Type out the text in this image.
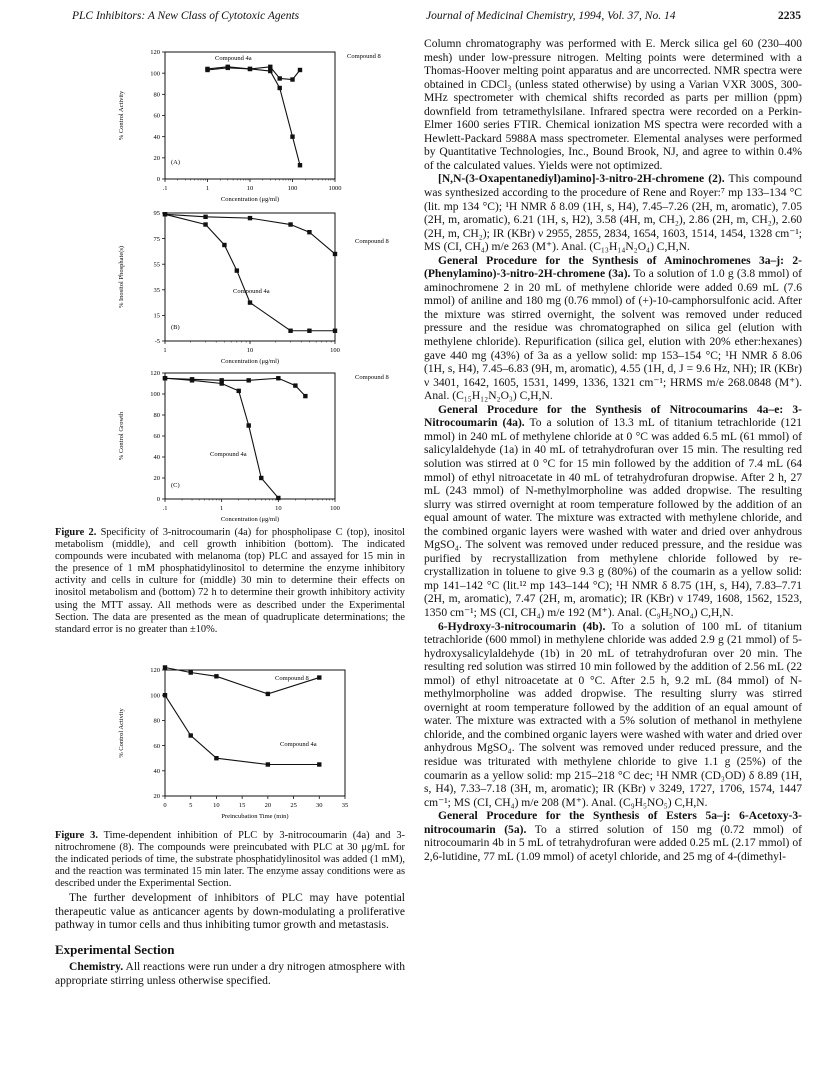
PLC Inhibitors: A New Class of Cytotoxic Agents	Journal of Medicinal Chemistry, 1994, Vol. 37, No. 14	2235
0
20
40
60
80
100
120
.1	1	10	100	1000
Concentration (μg/ml)
% Control Activity
(A)
Compound 8
Compound 4a
-5
15
35
55
75
95
1	10	100
Concentration (μg/ml)
% Inositol Phosphate(s)
(B)
Compound 8
Compound 4a
0
20
40
60
80
100
120
.1	1	10	100
Concentration (μg/ml)
% Control Growth
(C)
Compound 8
Compound 4a

Figure 2. Specificity of 3-nitrocoumarin (4a) for phospholipase C (top), inositol metabolism (middle), and cell growth inhibition (bottom). The indicated compounds were incubated with melanoma (top) PLC and assayed for 15 min in the presence of 1 mM phosphatidylinositol to determine the enzyme inhibitory activity and cells in culture for (middle) 30 min to determine their effects on inositol metabolism and (bottom) 72 h to determine their growth inhibitory activity using the MTT assay. All methods were as described under the Experimental Section. The data are presented as the mean of quadruplicate determinations; the standard error is no greater than ±10%.

20
40
60
80
100
120
0	5	10	15	20	25	30	35
Preincubation Time (min)
% Control Activity
Compound 8
Compound 4a

Figure 3. Time-dependent inhibition of PLC by 3-nitrocoumarin (4a) and 3-nitrochromene (8). The compounds were preincubated with PLC at 30 μg/mL for the indicated periods of time, the substrate phosphatidylinositol was added (1 mM), and the reaction was terminated 15 min later. The enzyme assay conditions were as described under the Experimental Section.

The further development of inhibitors of PLC may have potential therapeutic value as anticancer agents by down-modulating a proliferative pathway in tumor cells and thus inhibiting tumor growth and metastasis.

Experimental Section

Chemistry. All reactions were run under a dry nitrogen atmosphere with appropriate stirring unless otherwise specified.

Column chromatography was performed with E. Merck silica gel 60 (230–400 mesh) under low-pressure nitrogen. Melting points were determined with a Thomas-Hoover melting point apparatus and are uncorrected. NMR spectra were obtained in CDCl₃ (unless stated otherwise) by using a Varian VXR 300S, 300-MHz spectrometer with chemical shifts recorded as parts per million (ppm) downfield from tetramethylsilane. Infrared spectra were recorded on a Perkin-Elmer 1600 series FTIR. Chemical ionization MS spectra were recorded with a Hewlett-Packard 5988A mass spectrometer. Elemental analyses were performed by Quantitative Technologies, Inc., Bound Brook, NJ, and agree to within 0.4% of the calculated values. Yields were not optimized.

[N,N-(3-Oxapentanediyl)amino]-3-nitro-2H-chromene (2). This compound was synthesized according to the procedure of Rene and Royer:⁷ mp 133–134 °C (lit. mp 134 °C); ¹H NMR δ 8.09 (1H, s, H4), 7.45–7.26 (2H, m, aromatic), 7.05 (2H, m, aromatic), 6.21 (1H, s, H2), 3.58 (4H, m, CH₂), 2.86 (2H, m, CH₂), 2.60 (2H, m, CH₂); IR (KBr) ν 2955, 2855, 2834, 1654, 1603, 1514, 1454, 1328 cm⁻¹; MS (CI, CH₄) m/e 263 (M⁺). Anal. (C₁₃H₁₄N₂O₄) C,H,N.

General Procedure for the Synthesis of Aminochromenes 3a–j: 2-(Phenylamino)-3-nitro-2H-chromene (3a). To a solution of 1.0 g (3.8 mmol) of aminochromene 2 in 20 mL of methylene chloride were added 0.69 mL (7.6 mmol) of aniline and 180 mg (0.76 mmol) of (+)-10-camphorsulfonic acid. After the mixture was stirred overnight, the solvent was removed under reduced pressure and the residue was chromatographed on silica gel (elution with methylene chloride). Repurification (silica gel, elution with 20% ether:hexanes) gave 440 mg (43%) of 3a as a yellow solid: mp 153–154 °C; ¹H NMR δ 8.06 (1H, s, H4), 7.45–6.83 (9H, m, aromatic), 4.55 (1H, d, J = 9.6 Hz, NH); IR (KBr) ν 3401, 1642, 1605, 1531, 1499, 1336, 1321 cm⁻¹; HRMS m/e 268.0848 (M⁺). Anal. (C₁₅H₁₂N₂O₃) C,H,N.

General Procedure for the Synthesis of Nitrocoumarins 4a–e: 3-Nitrocoumarin (4a). To a solution of 13.3 mL of titanium tetrachloride (121 mmol) in 240 mL of methylene chloride at 0 °C was added 6.5 mL (61 mmol) of salicylaldehyde (1a) in 40 mL of tetrahydrofuran over 15 min. The resulting red solution was stirred at 0 °C for 15 min followed by the addition of 7.4 mL (64 mmol) of ethyl nitroacetate in 40 mL of tetrahydrofuran dropwise. After 2 h, 27 mL (243 mmol) of N-methylmorpholine was added dropwise. The resulting slurry was stirred overnight at room temperature followed by the addition of an equal amount of water. The mixture was extracted with methylene chloride, and the combined organic layers were washed with water and dried over anhydrous MgSO₄. The solvent was removed under reduced pressure, and the residue was purified by recrystallization from methylene chloride followed by re-crystallization in toluene to give 9.3 g (80%) of the coumarin as a yellow solid: mp 141–142 °C (lit.¹² mp 143–144 °C); ¹H NMR δ 8.75 (1H, s, H4), 7.83–7.71 (2H, m, aromatic), 7.47 (2H, m, aromatic); IR (KBr) ν 1749, 1608, 1562, 1523, 1350 cm⁻¹; MS (CI, CH₄) m/e 192 (M⁺). Anal. (C₉H₅NO₄) C,H,N.

6-Hydroxy-3-nitrocoumarin (4b). To a solution of 100 mL of titanium tetrachloride (600 mmol) in methylene chloride was added 2.9 g (21 mmol) of 5-hydroxysalicylaldehyde (1b) in 20 mL of tetrahydrofuran over 20 min. The resulting red solution was stirred 10 min followed by the addition of 2.56 mL (22 mmol) of ethyl nitroacetate at 0 °C. After 2.5 h, 9.2 mL (84 mmol) of N-methylmorpholine was added dropwise. The resulting slurry was stirred overnight at room temperature followed by the addition of an equal amount of water. The mixture was extracted with a 5% solution of methanol in methylene chloride, and the combined organic layers were washed with water and dried over anhydrous MgSO₄. The solvent was removed under reduced pressure, and the residue was triturated with methylene chloride to give 1.1 g (25%) of the coumarin as a yellow solid: mp 215–218 °C dec; ¹H NMR (CD₃OD) δ 8.89 (1H, s, H4), 7.33–7.18 (3H, m, aromatic); IR (KBr) ν 3249, 1727, 1706, 1574, 1447 cm⁻¹; MS (CI, CH₄) m/e 208 (M⁺). Anal. (C₉H₅NO₅) C,H,N.

General Procedure for the Synthesis of Esters 5a–j: 6-Acetoxy-3-nitrocoumarin (5a). To a stirred solution of 150 mg (0.72 mmol) of nitrocoumarin 4b in 5 mL of tetrahydrofuran were added 0.25 mL (2.17 mmol) of 2,6-lutidine, 77 mL (1.09 mmol) of acetyl chloride, and 25 mg of 4-(dimethyl-
